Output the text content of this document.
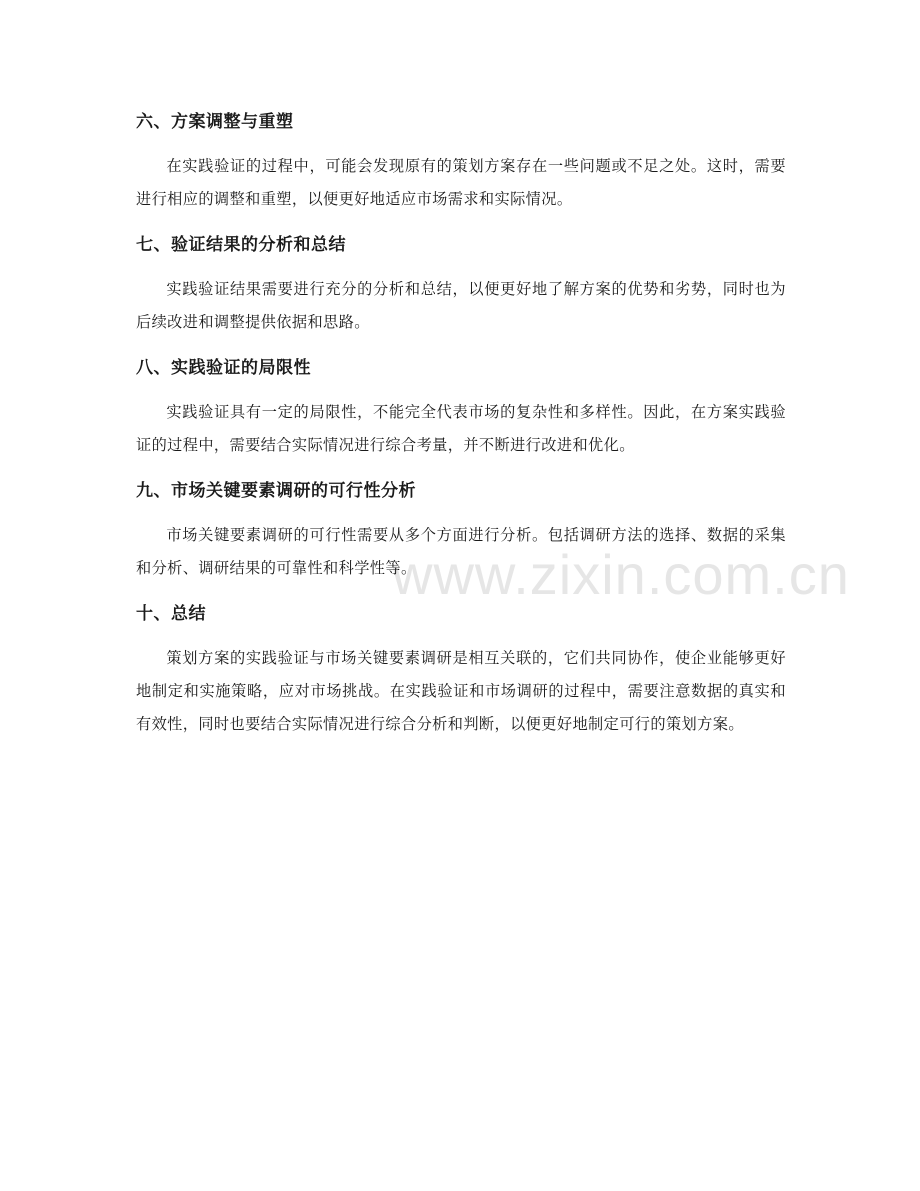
www.zixin.com.cn
六、方案调整与重塑

在实践验证的过程中，可能会发现原有的策划方案存在一些问题或不足之处。这时，需要进行相应的调整和重塑，以便更好地适应市场需求和实际情况。

七、验证结果的分析和总结

实践验证结果需要进行充分的分析和总结，以便更好地了解方案的优势和劣势，同时也为后续改进和调整提供依据和思路。

八、实践验证的局限性

实践验证具有一定的局限性，不能完全代表市场的复杂性和多样性。因此，在方案实践验证的过程中，需要结合实际情况进行综合考量，并不断进行改进和优化。

九、市场关键要素调研的可行性分析

市场关键要素调研的可行性需要从多个方面进行分析。包括调研方法的选择、数据的采集和分析、调研结果的可靠性和科学性等。

十、总结

策划方案的实践验证与市场关键要素调研是相互关联的，它们共同协作，使企业能够更好地制定和实施策略，应对市场挑战。在实践验证和市场调研的过程中，需要注意数据的真实和有效性，同时也要结合实际情况进行综合分析和判断，以便更好地制定可行的策划方案。
